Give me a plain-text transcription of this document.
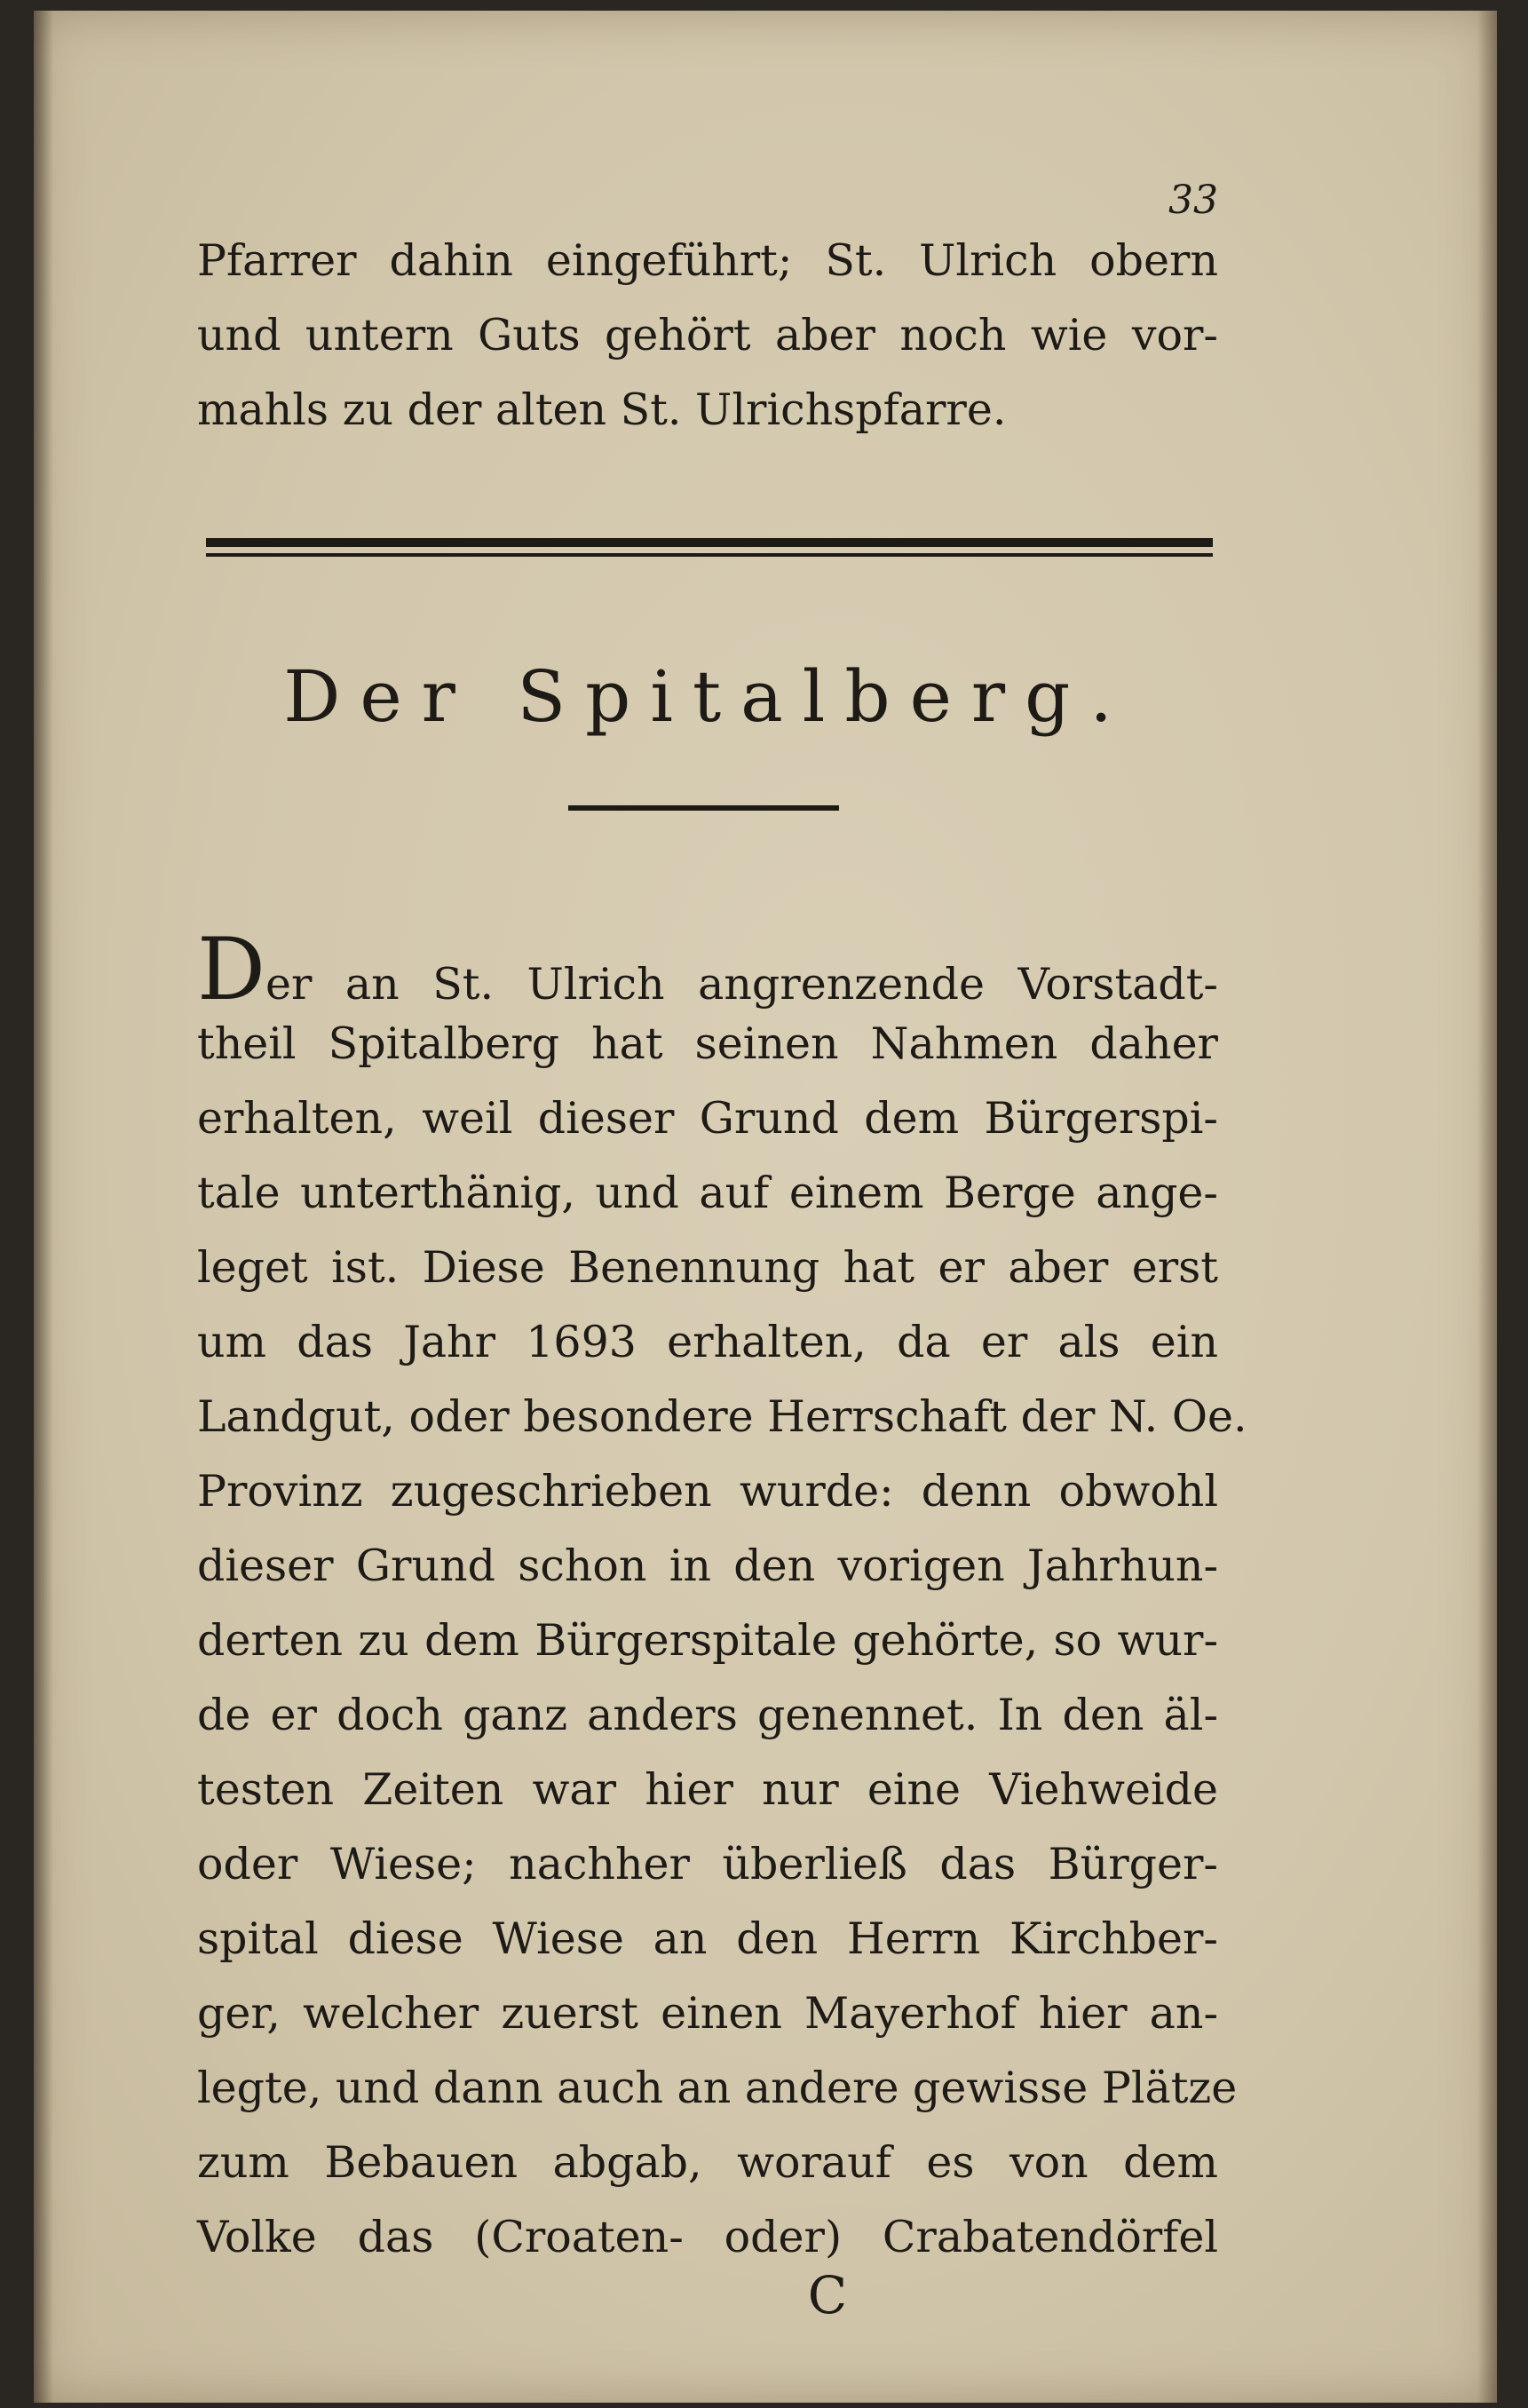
33
Pfarrer dahin eingeführt; St. Ulrich obern
und untern Guts gehört aber noch wie vor-
mahls zu der alten St. Ulrichspfarre.
Der Spitalberg.
Der an St. Ulrich angrenzende Vorstadt-
theil Spitalberg hat seinen Nahmen daher
erhalten, weil dieser Grund dem Bürgerspi-
tale unterthänig, und auf einem Berge ange-
leget ist. Diese Benennung hat er aber erst
um das Jahr 1693 erhalten, da er als ein
Landgut, oder besondere Herrschaft der N. Oe.
Provinz zugeschrieben wurde: denn obwohl
dieser Grund schon in den vorigen Jahrhun-
derten zu dem Bürgerspitale gehörte, so wur-
de er doch ganz anders genennet. In den äl-
testen Zeiten war hier nur eine Viehweide
oder Wiese; nachher überließ das Bürger-
spital diese Wiese an den Herrn Kirchber-
ger, welcher zuerst einen Mayerhof hier an-
legte, und dann auch an andere gewisse Plätze
zum Bebauen abgab, worauf es von dem
Volke das (Croaten- oder) Crabatendörfel
C
